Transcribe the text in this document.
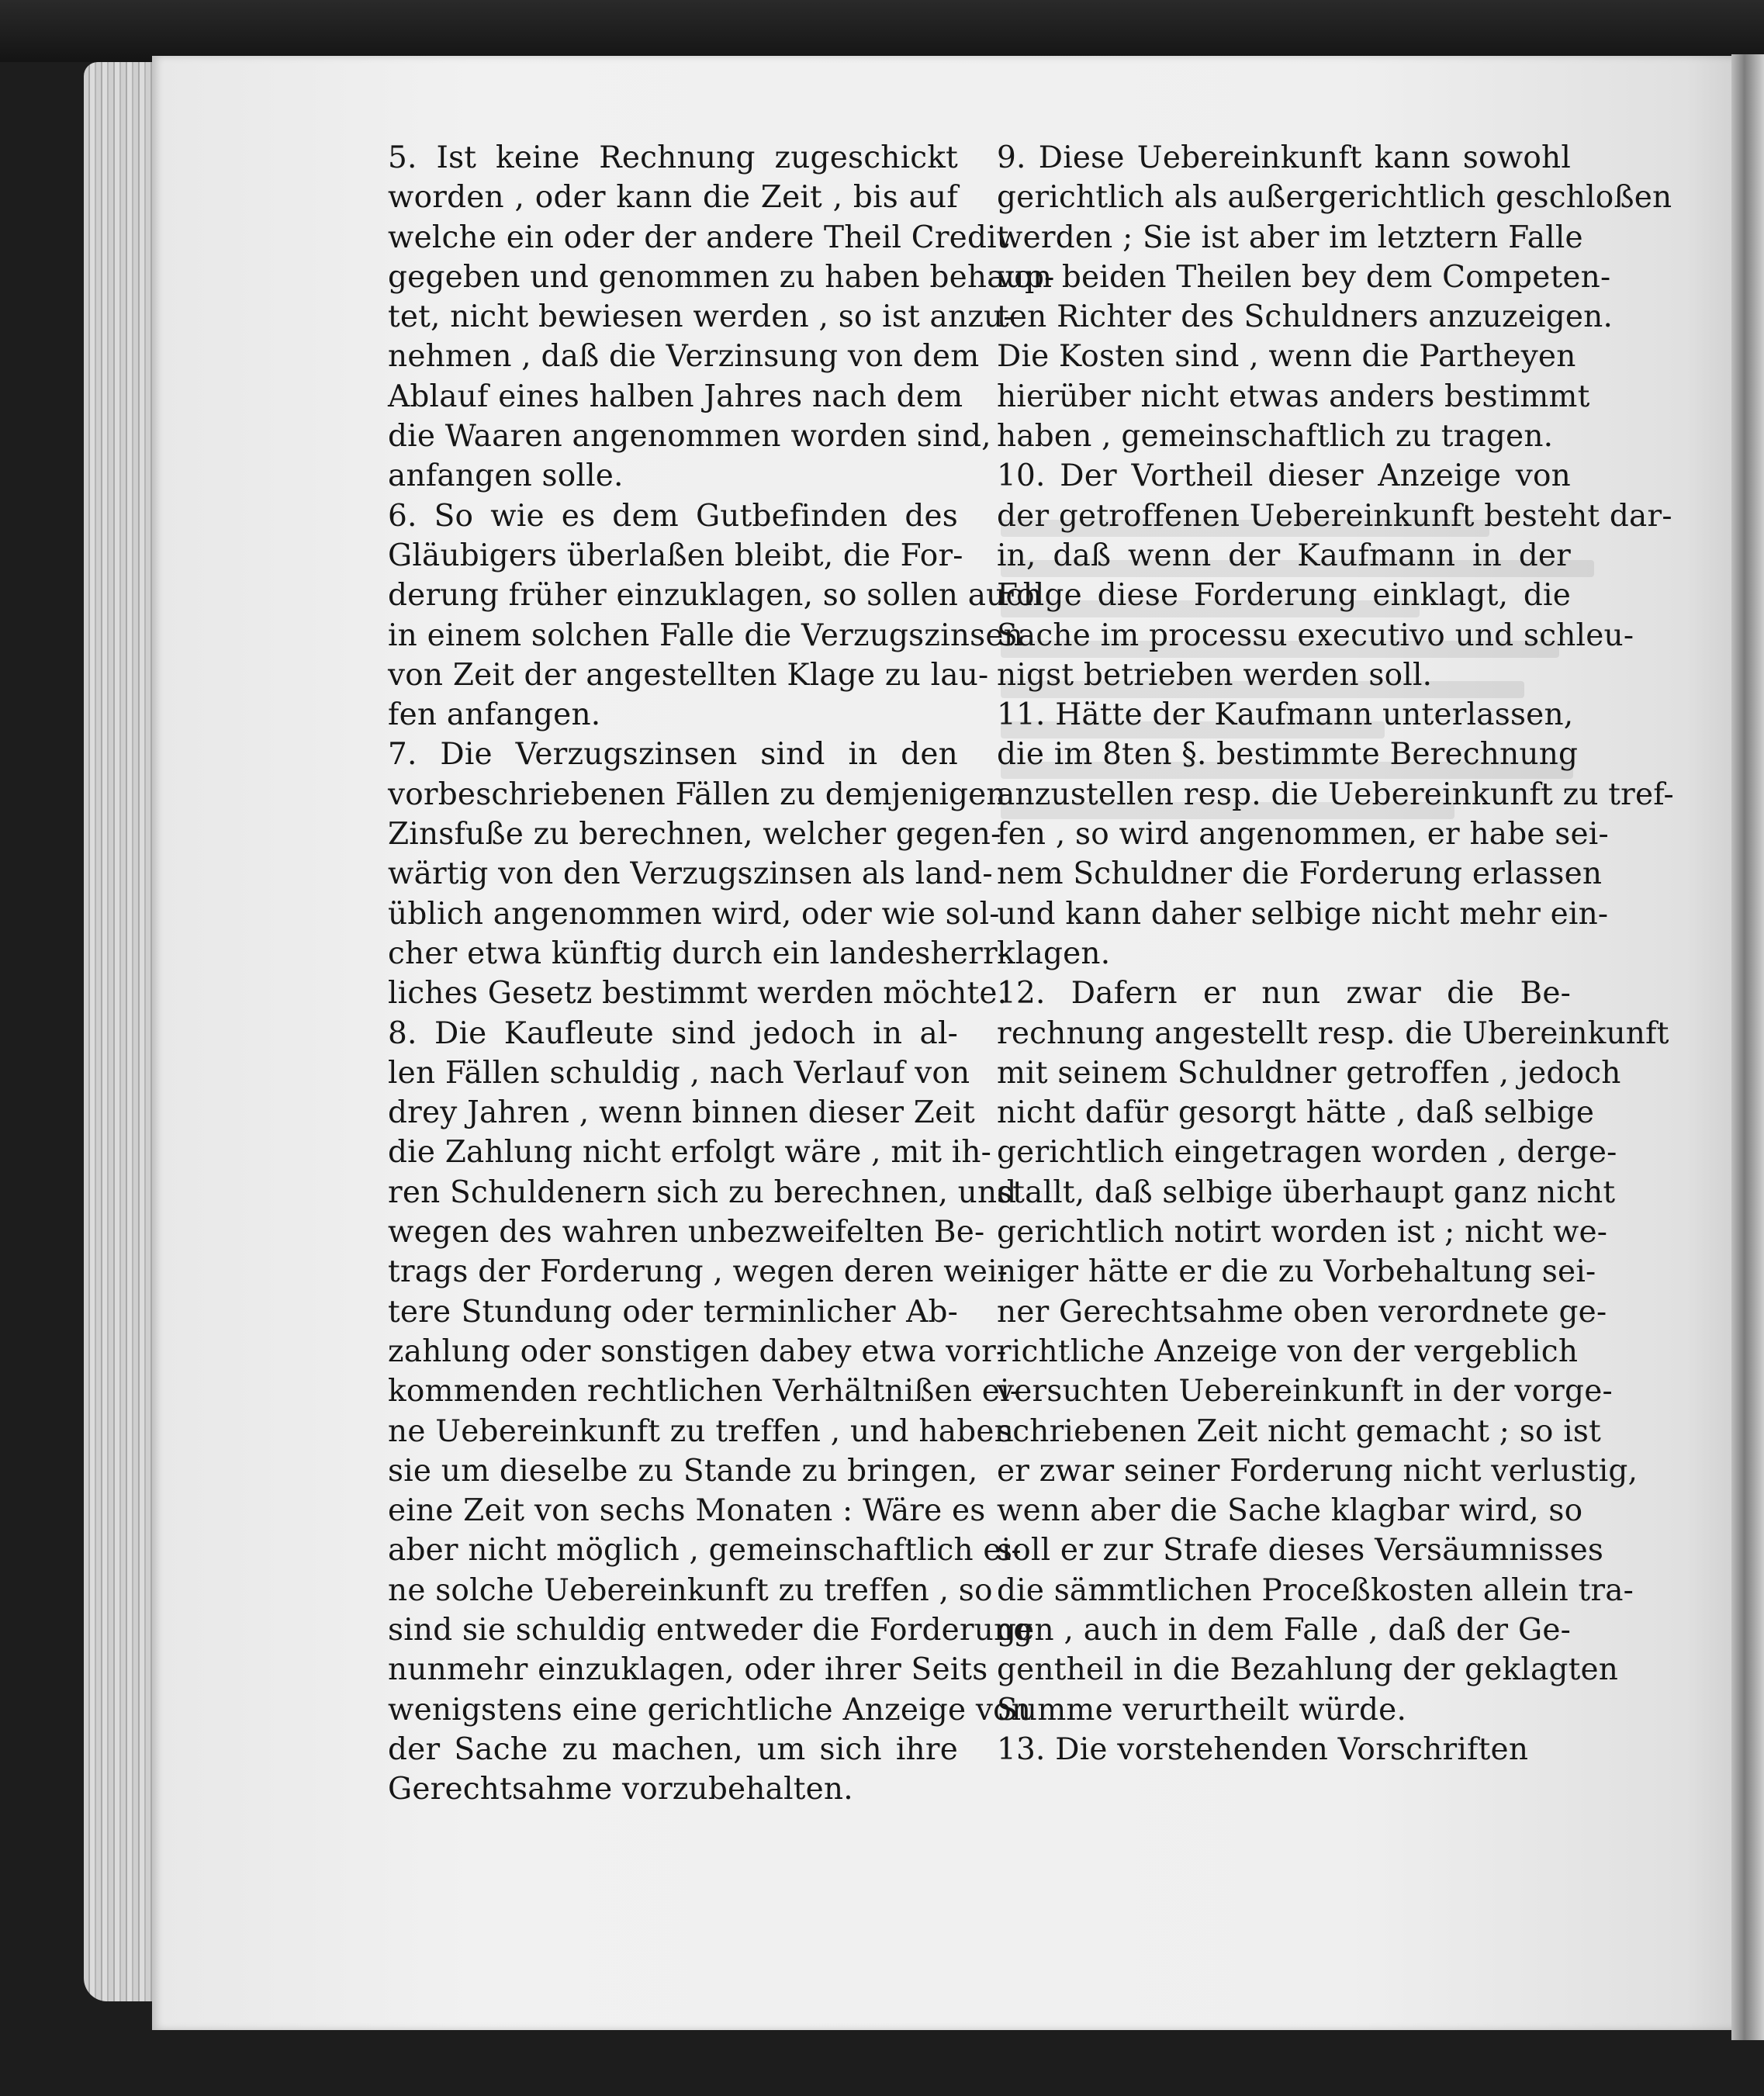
5. Ist keine Rechnung zugeschickt
worden , oder kann die Zeit , bis auf
welche ein oder der andere Theil Credit
gegeben und genommen zu haben behaup-
tet, nicht bewiesen werden , so ist anzu-
nehmen , daß die Verzinsung von dem
Ablauf eines halben Jahres nach dem
die Waaren angenommen worden sind,
anfangen solle.
6. So wie es dem Gutbefinden des
Gläubigers überlaßen bleibt, die For-
derung früher einzuklagen, so sollen auch
in einem solchen Falle die Verzugszinsen
von Zeit der angestellten Klage zu lau-
fen anfangen.
7. Die Verzugszinsen sind in den
vorbeschriebenen Fällen zu demjenigen
Zinsfuße zu berechnen, welcher gegen-
wärtig von den Verzugszinsen als land-
üblich angenommen wird, oder wie sol-
cher etwa künftig durch ein landesherr-
liches Gesetz bestimmt werden möchte.
8. Die Kaufleute sind jedoch in al-
len Fällen schuldig , nach Verlauf von
drey Jahren , wenn binnen dieser Zeit
die Zahlung nicht erfolgt wäre , mit ih-
ren Schuldenern sich zu berechnen, und
wegen des wahren unbezweifelten Be-
trags der Forderung , wegen deren wei-
tere Stundung oder terminlicher Ab-
zahlung oder sonstigen dabey etwa vor-
kommenden rechtlichen Verhältnißen ei-
ne Uebereinkunft zu treffen , und haben
sie um dieselbe zu Stande zu bringen,
eine Zeit von sechs Monaten : Wäre es
aber nicht möglich , gemeinschaftlich ei-
ne solche Uebereinkunft zu treffen , so
sind sie schuldig entweder die Forderung
nunmehr einzuklagen, oder ihrer Seits
wenigstens eine gerichtliche Anzeige von
der Sache zu machen, um sich ihre
Gerechtsahme vorzubehalten.
9. Diese Uebereinkunft kann sowohl
gerichtlich als außergerichtlich geschloßen
werden ; Sie ist aber im letztern Falle
von beiden Theilen bey dem Competen-
ten Richter des Schuldners anzuzeigen.
Die Kosten sind , wenn die Partheyen
hierüber nicht etwas anders bestimmt
haben , gemeinschaftlich zu tragen.
10. Der Vortheil dieser Anzeige von
der getroffenen Uebereinkunft besteht dar-
in, daß wenn der Kaufmann in der
Folge diese Forderung einklagt, die
Sache im processu executivo und schleu-
nigst betrieben werden soll.
11. Hätte der Kaufmann unterlassen,
die im 8ten §. bestimmte Berechnung
anzustellen resp. die Uebereinkunft zu tref-
fen , so wird angenommen, er habe sei-
nem Schuldner die Forderung erlassen
und kann daher selbige nicht mehr ein-
klagen.
12. Dafern er nun zwar die Be-
rechnung angestellt resp. die Ubereinkunft
mit seinem Schuldner getroffen , jedoch
nicht dafür gesorgt hätte , daß selbige
gerichtlich eingetragen worden , derge-
stallt, daß selbige überhaupt ganz nicht
gerichtlich notirt worden ist ; nicht we-
niger hätte er die zu Vorbehaltung sei-
ner Gerechtsahme oben verordnete ge-
richtliche Anzeige von der vergeblich
versuchten Uebereinkunft in der vorge-
schriebenen Zeit nicht gemacht ; so ist
er zwar seiner Forderung nicht verlustig,
wenn aber die Sache klagbar wird, so
soll er zur Strafe dieses Versäumnisses
die sämmtlichen Proceßkosten allein tra-
gen , auch in dem Falle , daß der Ge-
gentheil in die Bezahlung der geklagten
Summe verurtheilt würde.
13. Die vorstehenden Vorschriften
